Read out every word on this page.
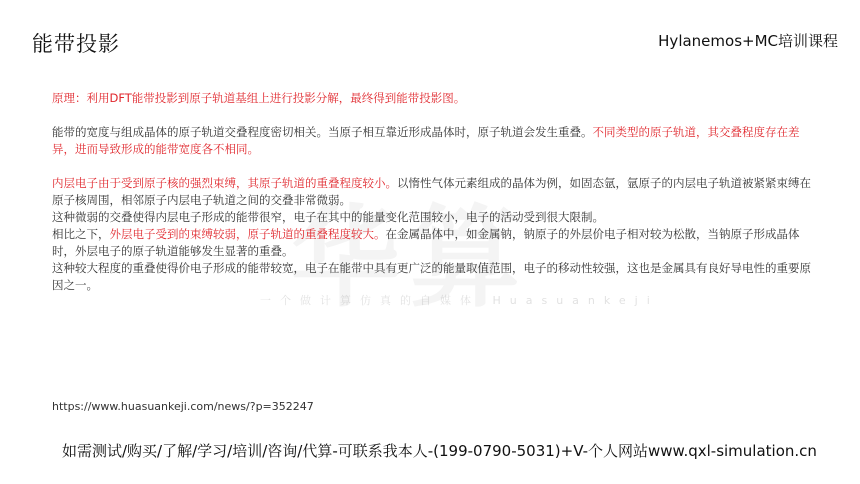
能带投影	Hylanemos+MC培训课程
一个做计算仿真的自媒体 Huasuankeji

原理：利用DFT能带投影到原子轨道基组上进行投影分解，最终得到能带投影图。

能带的宽度与组成晶体的原子轨道交叠程度密切相关。当原子相互靠近形成晶体时，原子轨道会发生重叠。不同类型的原子轨道，其交叠程度存在差异，进而导致形成的能带宽度各不相同。

内层电子由于受到原子核的强烈束缚，其原子轨道的重叠程度较小。以惰性气体元素组成的晶体为例，如固态氩，氩原子的内层电子轨道被紧紧束缚在原子核周围，相邻原子内层电子轨道之间的交叠非常微弱。

这种微弱的交叠使得内层电子形成的能带很窄，电子在其中的能量变化范围较小，电子的活动受到很大限制。

相比之下，外层电子受到的束缚较弱，原子轨道的重叠程度较大。在金属晶体中，如金属钠，钠原子的外层价电子相对较为松散，当钠原子形成晶体时，外层电子的原子轨道能够发生显著的重叠。

这种较大程度的重叠使得价电子形成的能带较宽，电子在能带中具有更广泛的能量取值范围，电子的移动性较强，这也是金属具有良好导电性的重要原因之一。

https://www.huasuankeji.com/news/?p=352247
如需测试/购买/了解/学习/培训/咨询/代算-可联系我本人-(199-0790-5031)+V-个人网站www.qxl-simulation.cn
